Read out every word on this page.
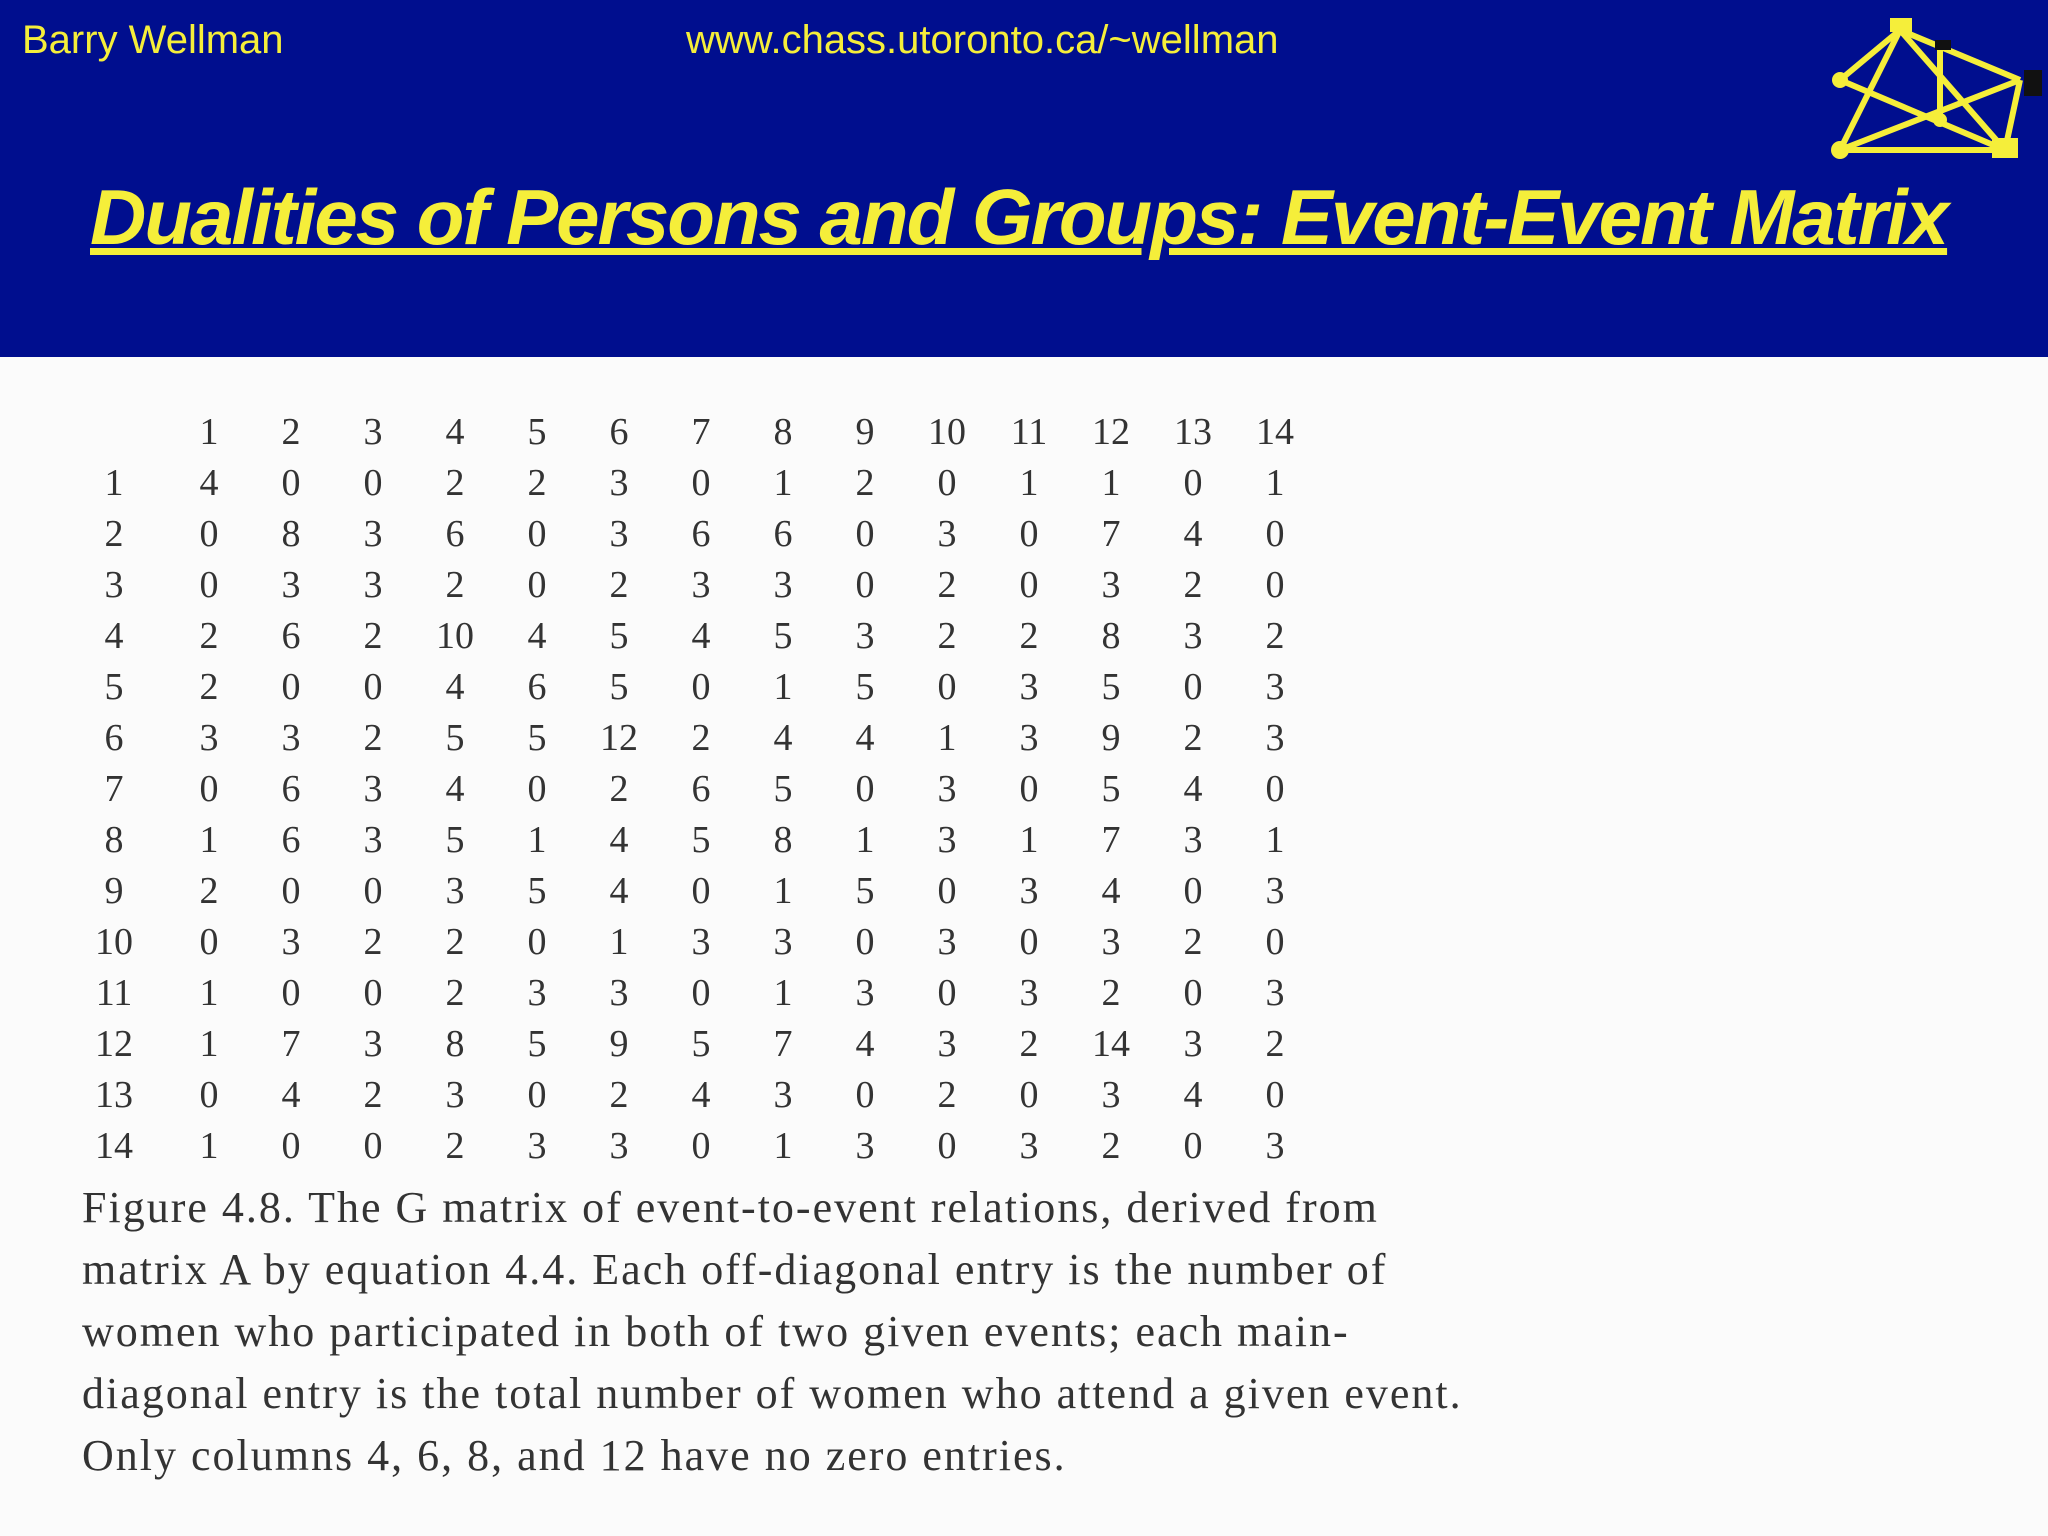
Barry Wellman	www.chass.utoronto.ca/~wellman
Dualities of Persons and Groups: Event-Event Matrix
	1	2	3	4	5	6	7	8	9	10	11	12	13	14
1	4	0	0	2	2	3	0	1	2	0	1	1	0	1
2	0	8	3	6	0	3	6	6	0	3	0	7	4	0
3	0	3	3	2	0	2	3	3	0	2	0	3	2	0
4	2	6	2	10	4	5	4	5	3	2	2	8	3	2
5	2	0	0	4	6	5	0	1	5	0	3	5	0	3
6	3	3	2	5	5	12	2	4	4	1	3	9	2	3
7	0	6	3	4	0	2	6	5	0	3	0	5	4	0
8	1	6	3	5	1	4	5	8	1	3	1	7	3	1
9	2	0	0	3	5	4	0	1	5	0	3	4	0	3
10	0	3	2	2	0	1	3	3	0	3	0	3	2	0
11	1	0	0	2	3	3	0	1	3	0	3	2	0	3
12	1	7	3	8	5	9	5	7	4	3	2	14	3	2
13	0	4	2	3	0	2	4	3	0	2	0	3	4	0
14	1	0	0	2	3	3	0	1	3	0	3	2	0	3

Figure 4.8. The G matrix of event-to-event relations, derived from

matrix A by equation 4.4. Each off-diagonal entry is the number of

women who participated in both of two given events; each main-

diagonal entry is the total number of women who attend a given event.

Only columns 4, 6, 8, and 12 have no zero entries.
